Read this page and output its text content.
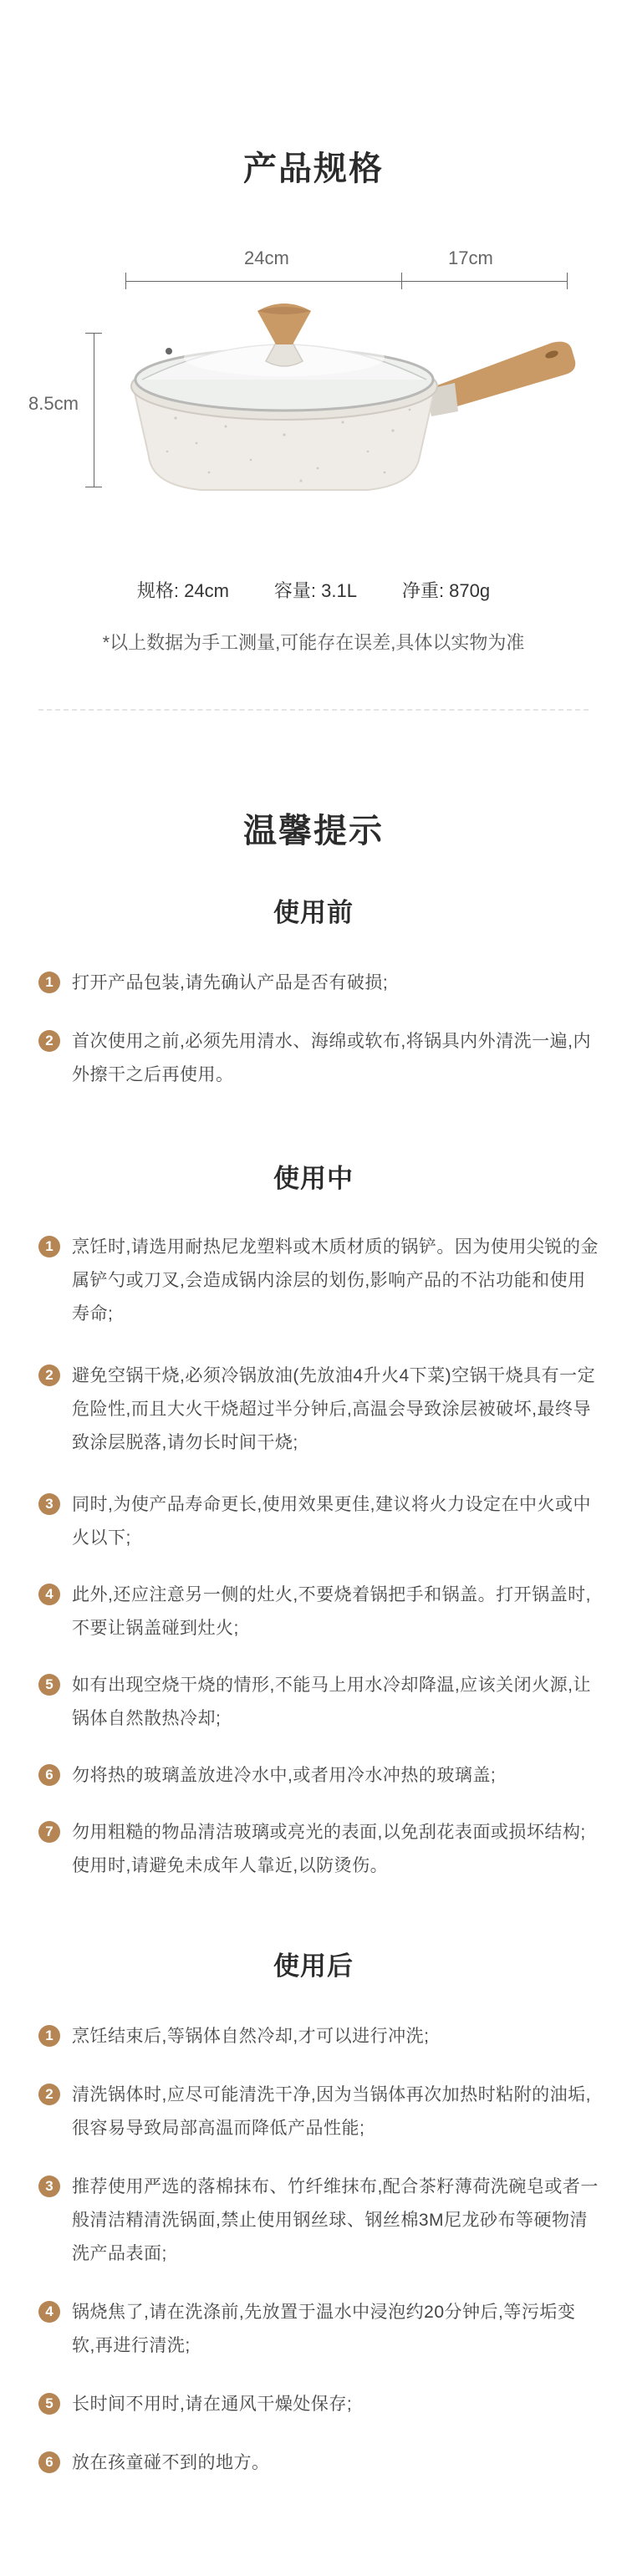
产品规格
24cm	17cm
8.5cm
规格: 24cm 容量: 3.1L 净重: 870g
*以上数据为手工测量,可能存在误差,具体以实物为准
温馨提示
使用前
1	打开产品包装,请先确认产品是否有破损;
2	首次使用之前,必须先用清水、海绵或软布,将锅具内外清洗一遍,内外擦干之后再使用。
使用中
1	烹饪时,请选用耐热尼龙塑料或木质材质的锅铲。因为使用尖锐的金属铲勺或刀叉,会造成锅内涂层的划伤,影响产品的不沾功能和使用寿命;
2	避免空锅干烧,必须冷锅放油(先放油4升火4下菜)空锅干烧具有一定危险性,而且大火干烧超过半分钟后,高温会导致涂层被破坏,最终导致涂层脱落,请勿长时间干烧;
3	同时,为使产品寿命更长,使用效果更佳,建议将火力设定在中火或中火以下;
4	此外,还应注意另一侧的灶火,不要烧着锅把手和锅盖。打开锅盖时,不要让锅盖碰到灶火;
5	如有出现空烧干烧的情形,不能马上用水冷却降温,应该关闭火源,让锅体自然散热冷却;
6	勿将热的玻璃盖放进冷水中,或者用冷水冲热的玻璃盖;
7	勿用粗糙的物品清洁玻璃或亮光的表面,以免刮花表面或损坏结构;使用时,请避免未成年人靠近,以防烫伤。
使用后
1	烹饪结束后,等锅体自然冷却,才可以进行冲洗;
2	清洗锅体时,应尽可能清洗干净,因为当锅体再次加热时粘附的油垢,很容易导致局部高温而降低产品性能;
3	推荐使用严选的落棉抹布、竹纤维抹布,配合茶籽薄荷洗碗皂或者一般清洁精清洗锅面,禁止使用钢丝球、钢丝棉3M尼龙砂布等硬物清洗产品表面;
4	锅烧焦了,请在洗涤前,先放置于温水中浸泡约20分钟后,等污垢变软,再进行清洗;
5	长时间不用时,请在通风干燥处保存;
6	放在孩童碰不到的地方。
